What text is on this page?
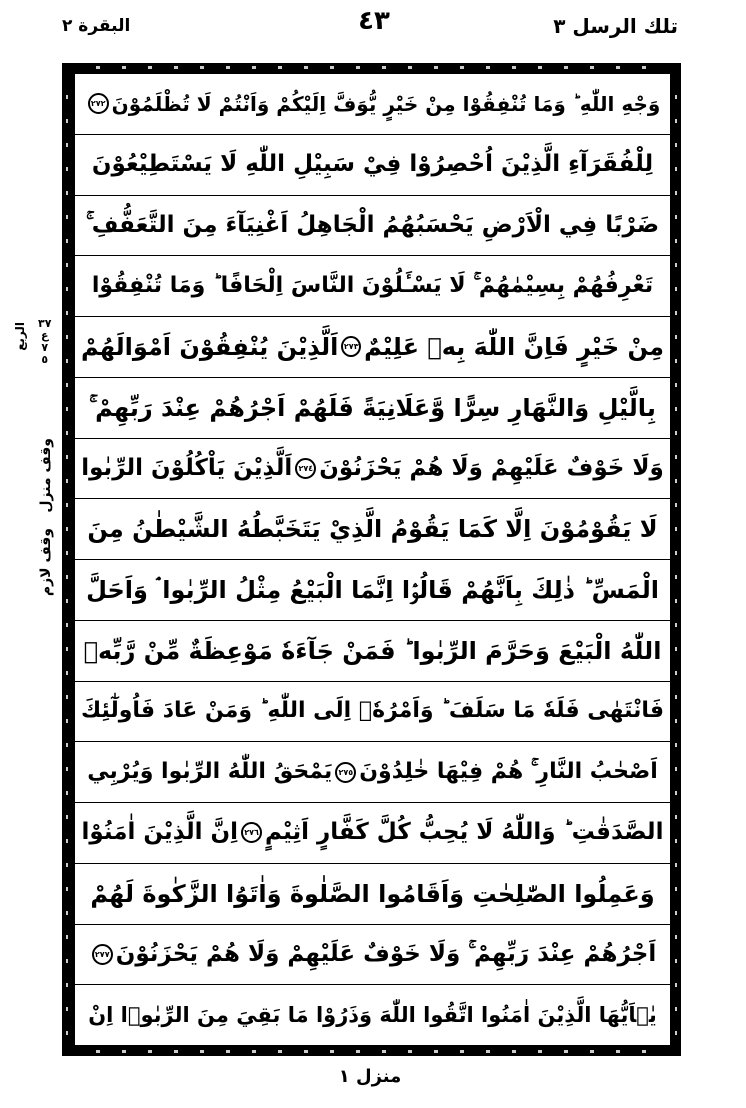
تلك الرسل ٣
٤٣
البقرة ٢
الربع ٣٧
ع
٧
٥
وقف منزل
وقف لازم
وَجْهِ اللّٰهِ ؕ وَمَا تُنْفِقُوْا مِنْ خَيْرٍ يُّوَفَّ اِلَيْكُمْ وَاَنْتُمْ لَا تُظْلَمُوْنَ
٢٧٢
لِلْفُقَرَآءِ الَّذِيْنَ اُحْصِرُوْا فِيْ سَبِيْلِ اللّٰهِ لَا يَسْتَطِيْعُوْنَ
ضَرْبًا فِي الْاَرْضِ يَحْسَبُهُمُ الْجَاهِلُ اَغْنِيَآءَ مِنَ التَّعَفُّفِ ۚ
تَعْرِفُهُمْ بِسِيْمٰهُمْ ۚ لَا يَسْـَٔلُوْنَ النَّاسَ اِلْحَافًا ؕ وَمَا تُنْفِقُوْا
مِنْ خَيْرٍ فَاِنَّ اللّٰهَ بِهٖ عَلِيْمٌ
٢٧٣
اَلَّذِيْنَ يُنْفِقُوْنَ اَمْوَالَهُمْ
بِالَّيْلِ وَالنَّهَارِ سِرًّا وَّعَلَانِيَةً فَلَهُمْ اَجْرُهُمْ عِنْدَ رَبِّهِمْ ۚ
وَلَا خَوْفٌ عَلَيْهِمْ وَلَا هُمْ يَحْزَنُوْنَ
٢٧٤
اَلَّذِيْنَ يَاْكُلُوْنَ الرِّبٰوا
لَا يَقُوْمُوْنَ اِلَّا كَمَا يَقُوْمُ الَّذِيْ يَتَخَبَّطُهُ الشَّيْطٰنُ مِنَ
الْمَسِّ ؕ ذٰلِكَ بِاَنَّهُمْ قَالُوْۤا اِنَّمَا الْبَيْعُ مِثْلُ الرِّبٰوا ۘ وَاَحَلَّ
اللّٰهُ الْبَيْعَ وَحَرَّمَ الرِّبٰوا ؕ فَمَنْ جَآءَهٗ مَوْعِظَةٌ مِّنْ رَّبِّهٖ
فَانْتَهٰى فَلَهٗ مَا سَلَفَ ؕ وَاَمْرُهٗۤ اِلَى اللّٰهِ ؕ وَمَنْ عَادَ فَاُولٰٓئِكَ
اَصْحٰبُ النَّارِ ۚ هُمْ فِيْهَا خٰلِدُوْنَ
٢٧٥
يَمْحَقُ اللّٰهُ الرِّبٰوا وَيُرْبِي
الصَّدَقٰتِ ؕ وَاللّٰهُ لَا يُحِبُّ كُلَّ كَفَّارٍ اَثِيْمٍ
٢٧٦
اِنَّ الَّذِيْنَ اٰمَنُوْا
وَعَمِلُوا الصّٰلِحٰتِ وَاَقَامُوا الصَّلٰوةَ وَاٰتَوُا الزَّكٰوةَ لَهُمْ
اَجْرُهُمْ عِنْدَ رَبِّهِمْ ۚ وَلَا خَوْفٌ عَلَيْهِمْ وَلَا هُمْ يَحْزَنُوْنَ
٢٧٧
يٰۤاَيُّهَا الَّذِيْنَ اٰمَنُوا اتَّقُوا اللّٰهَ وَذَرُوْا مَا بَقِيَ مِنَ الرِّبٰوۤا اِنْ
منزل ١
